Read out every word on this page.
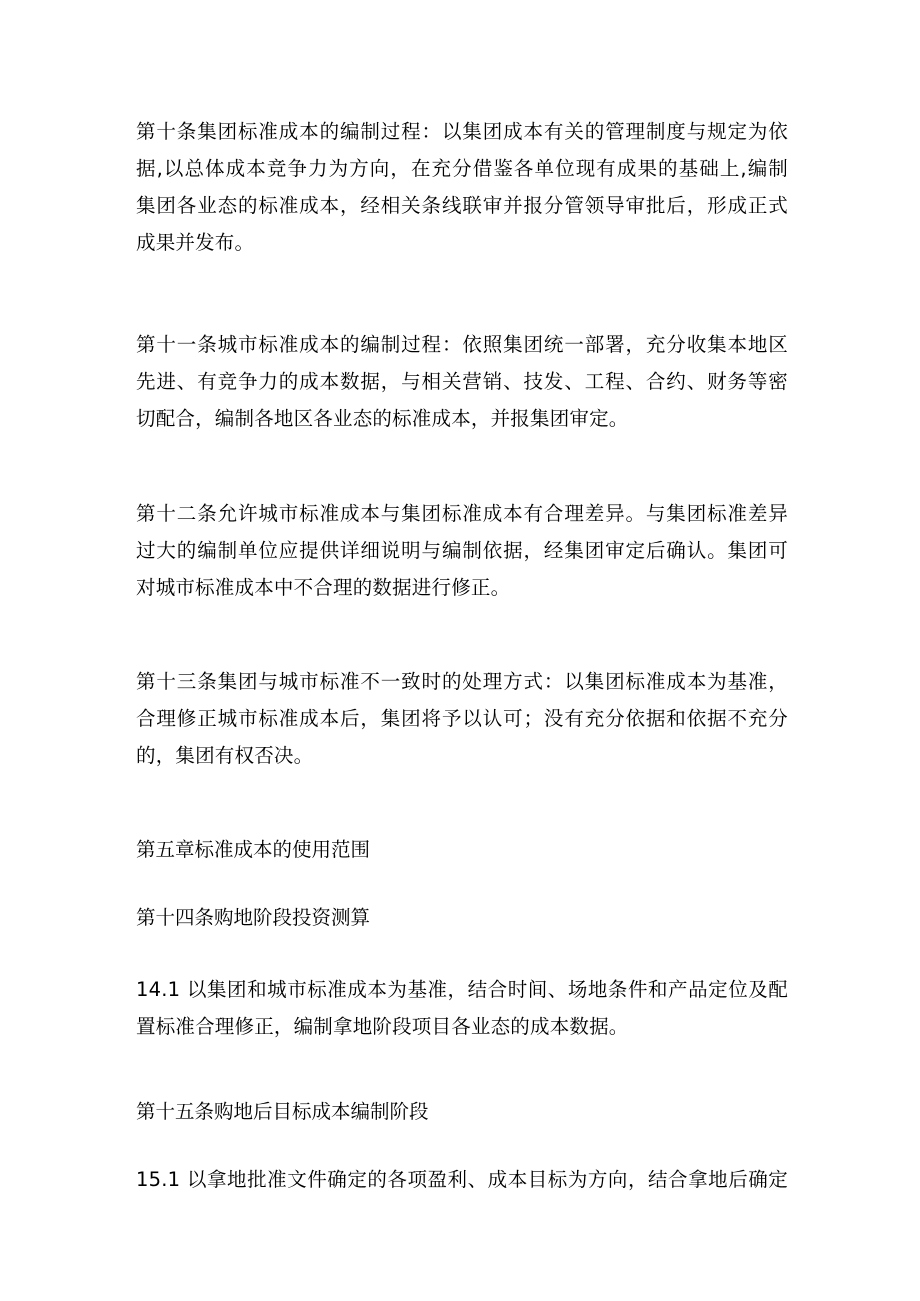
第十条集团标准成本的编制过程：以集团成本有关的管理制度与规定为依
据,以总体成本竞争力为方向，在充分借鉴各单位现有成果的基础上,编制
集团各业态的标准成本，经相关条线联审并报分管领导审批后，形成正式
成果并发布。

第十一条城市标准成本的编制过程：依照集团统一部署，充分收集本地区
先进、有竞争力的成本数据，与相关营销、技发、工程、合约、财务等密
切配合，编制各地区各业态的标准成本，并报集团审定。

第十二条允许城市标准成本与集团标准成本有合理差异。与集团标准差异
过大的编制单位应提供详细说明与编制依据，经集团审定后确认。集团可
对城市标准成本中不合理的数据进行修正。

第十三条集团与城市标准不一致时的处理方式：以集团标准成本为基准，
合理修正城市标准成本后，集团将予以认可；没有充分依据和依据不充分
的，集团有权否决。

第五章标准成本的使用范围

第十四条购地阶段投资测算

14.1 以集团和城市标准成本为基准，结合时间、场地条件和产品定位及配
置标准合理修正，编制拿地阶段项目各业态的成本数据。

第十五条购地后目标成本编制阶段

15.1 以拿地批准文件确定的各项盈利、成本目标为方向，结合拿地后确定
